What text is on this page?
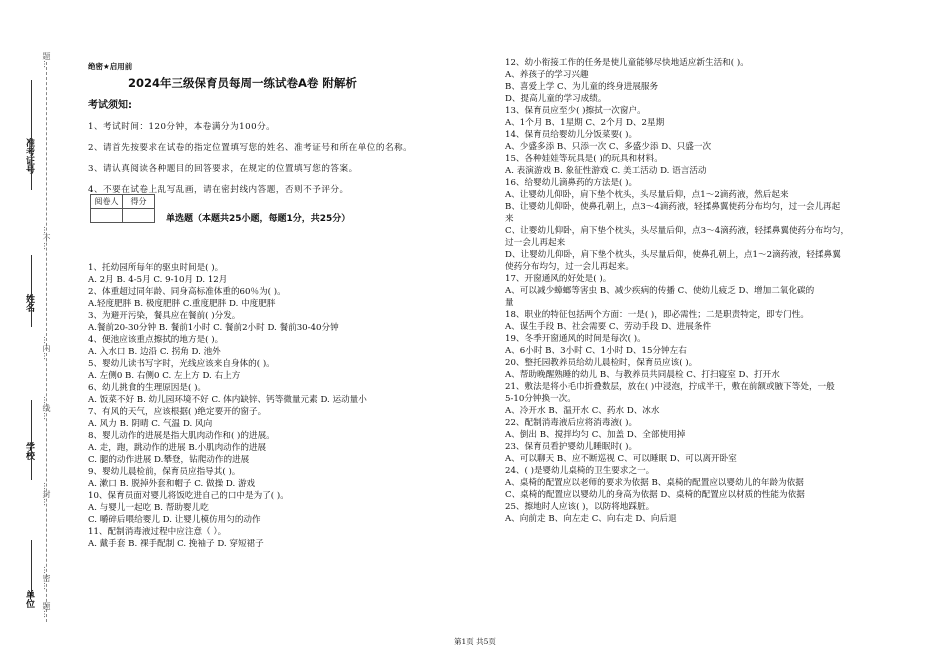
题…
准考证号
…不…
姓名
…内…
…线…
学校
…封…
…密…
单位
题…
绝密★启用前
2024年三级保育员每周一练试卷A卷 附解析
考试须知:
1、考试时间：120分钟，本卷满分为100分。
2、请首先按要求在试卷的指定位置填写您的姓名、准考证号和所在单位的名称。
3、请认真阅读各种题目的回答要求，在规定的位置填写您的答案。
4、不要在试卷上乱写乱画，请在密封线内答题，否则不予评分。
阅卷人	得分

单选题（本题共25小题，每题1分，共25分）
1、托幼园所每年的驱虫时间是( )。
A. 2月 B. 4-5月 C. 9-10月 D. 12月
2、体重超过同年龄、同身高标准体重的60％为( )。
A.轻度肥胖 B. 极度肥胖 C.重度肥胖 D. 中度肥胖
3、为避开污染，餐具应在餐前( )分发。
A.餐前20-30分钟 B. 餐前1小时 C. 餐前2小时 D. 餐前30-40分钟
4、便池应该重点擦拭的地方是( )。
A. 入水口 B. 边沿 C. 拐角 D. 池外
5、婴幼儿读书写字时，光线应该来自身体的( )。
A. 左侧0 B. 右侧0 C. 左上方 D. 右上方
6、幼儿挑食的生理原因是( )。
A. 饭菜不好 B. 幼儿园环境不好 C. 体内缺锌、钙等微量元素 D. 运动量小
7、有风的天气，应该根据( )绝定要开的窗子。
A. 风力 B. 阴晴 C. 气温 D. 风向
8、婴儿动作的进展是指大肌肉动作和( )的进展。
A. 走，跑，跳动作的进展 B.小肌肉动作的进展
C. 腿的动作进展 D.攀登，钻爬动作的进展
9、婴幼儿晨检前，保育员应指导其( )。
A. 漱口 B. 脱掉外套和帽子 C. 做操 D. 游戏
10、保育员面对婴儿将饭吃进自己的口中是为了( )。
A. 与婴儿一起吃 B. 帮助婴儿吃
C. 嚼碎后喂给婴儿 D. 让婴儿模仿用匀的动作
11、配制消毒液过程中应注意（ ）。
A. 戴手套 B. 裸手配制 C. 挽袖子 D. 穿短裙子
12、幼小衔接工作的任务是使儿童能够尽快地适应新生活和( )。
A、养孩子的学习兴趣
B、喜爱上学 C、为儿童的终身进展服务
D、提高儿童的学习成绩。
13、保育员应至少( )擦拭一次窗户。
A、1个月 B、1星期 C、2个月 D、2星期
14、保育员给婴幼儿分饭菜要( )。
A、少盛多添 B、只添一次 C、多盛少添 D、只盛一次
15、各种娃娃等玩具是( )的玩具和材料。
A. 表演游戏 B. 象征性游戏 C. 美工活动 D. 语言活动
16、给婴幼儿滴鼻药的方法是( )。
A、让婴幼儿仰卧，肩下垫个枕头，头尽量后仰，点1～2滴药液，然后起来
B、让婴幼儿仰卧，使鼻孔朝上，点3～4滴药液，轻揉鼻翼使药分布均匀，过一会儿再起
来
C、让婴幼儿仰卧，肩下垫个枕头，头尽量后仰，点3～4滴药液，轻揉鼻翼使药分布均匀，
过一会儿再起来
D、让婴幼儿仰卧，肩下垫个枕头，头尽量后仰，使鼻孔朝上，点1～2滴药液，轻揉鼻翼
使药分布均匀，过一会儿再起来。
17、开窗通风的好处是( )。
A、可以减少蟑螂等害虫 B、减少疾病的传播 C、使幼儿疲乏 D、增加二氧化碳的
量
18、职业的特征包括两个方面：一是( )，即必需性；二是职责特定，即专门性。
A、谋生手段 B、社会需要 C、劳动手段 D、进展条件
19、冬季开窗通风的时间是每次( )。
A、6小时 B、3小时 C、1小时 D、15分钟左右
20、整托园教养员给幼儿晨检时，保育员应该( )。
A、帮助晚醒熟睡的幼儿 B、与教养员共同晨检 C、打扫寝室 D、打开水
21、敷法是将小毛巾折叠数层，放在( )中浸泡，拧成半干，敷在前额或腋下等处，一般
5-10分钟换一次。
A、冷开水 B、温开水 C、药水 D、冰水
22、配制消毒液后应将消毒液( )。
A、倒出 B、搅拌均匀 C、加盖 D、全部使用掉
23、保育员看护婴幼儿睡眠时( )。
A、可以聊天 B、应不断巡视 C、可以睡眠 D、可以离开卧室
24、( )是婴幼儿桌椅的卫生要求之一。
A、桌椅的配置应以老师的要求为依据 B、桌椅的配置应以婴幼儿的年龄为依据
C、桌椅的配置应以婴幼儿的身高为依据 D、桌椅的配置应以材质的性能为依据
25、擦地时人应该( )，以防将地踩脏。
A、向前走 B、向左走 C、向右走 D、向后退
第1页 共5页
